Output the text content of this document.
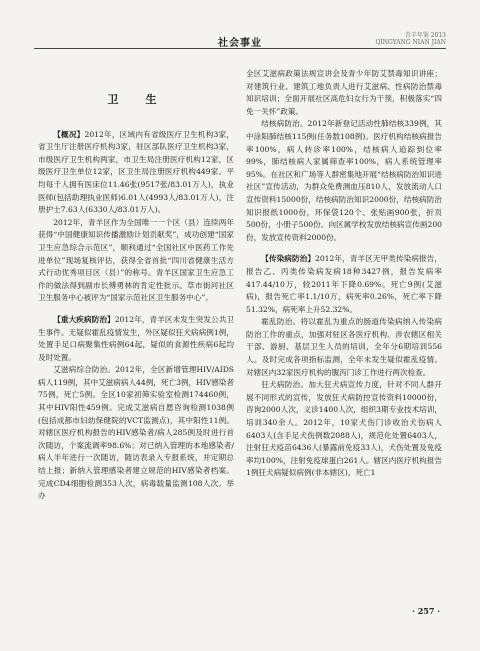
社会事业
青羊年鉴 2013
QINGYANG NIAN JIAN
卫　生

【概况】2012年，区域内有省级医疗卫生机构3家，省卫生厅注册医疗机构3家，驻区部队医疗卫生机构3家，市级医疗卫生机构两家，市卫生局注册医疗机构12家，区级医疗卫生单位12家，区卫生局注册医疗机构449家。平均每千人拥有医床位11.46张(9517张/83.01万人)，执业医师(包括助理执业医师)6.01人(4993人/83.01万人)，注册护士7.63人(6330人/83.01万人)。

2012年，青羊区作为全国唯一一个区（县）连续两年获得“中国健康知识传播激励计划贡献奖”，成功创建“国家卫生应急综合示范区”，顺利通过“全国社区中医药工作先进单位”现场复核评估，获得全省首批“四川省健康生活方式行动优秀项目区（县）”的称号。青羊区国家卫生应急工作的做法得到副市长傅勇林的肯定性批示。草市街河社区卫生服务中心被评为“国家示范社区卫生服务中心”。

【重大疾病防治】2012年，青羊区未发生突发公共卫生事件。无疑似霍乱疫情发生，外区疑似狂犬病病例1例，处置手足口病聚集性病例64起，疑似的食源性疾病6起均及时处置。

艾滋病综合防治。2012年，全区新增管理HIV/AIDS病人119例，其中艾滋病病人44例，死亡3例，HIV感染者75例，死亡5例。全区10家初筛实验室检测174460例，其中HIV阳性459例。完成艾滋病自愿咨询检测1038例(包括成都市妇幼保健院的VCT监测点)，其中阳性11例。对辖区医疗机构报告的HIV感染者/病人285例及时进行首次随访，个案流调率98.6%；对已纳入管理的本地感染者/病人半年进行一次随访，随访表录入专报系统，并定期总结上报；新纳入管理感染者建立规范的HIV感染者档案。完成CD4细胞检测353人次，病毒载量监测108人次。举办

全区艾滋病政策法规宣讲会及青少年防艾禁毒知识讲座；对建筑行业、建筑工地负责人进行艾滋病、性病防治禁毒知识培训；全面开展社区高危妇女行为干预，积极落实“四免一关怀”政策。

结核病防治。2012年新登记活动性肺结核339例，其中涂阳肺结核115例(任务数108例)。医疗机构结核病报告率100%，病人转诊率100%，结核病人追踪到位率99%，肺结核病人家属筛查率100%，病人系统管理率95%。在社区和广场等人群密集地开展“结核病防治知识进社区”宣传活动，为群众免费测血压810人，发放流动人口宣传资料15000份，结核病防治知识2000份，结核病防治知识报纸1000份，环保袋120个、张贴画900张，折页500份，小册子500份。向区属学校发放结核病宣传画200份，发放宣传资料2000份。

【传染病防治】2012年，青羊区无甲类传染病报告，报告乙、丙类传染病发病18种3427例，报告发病率417.44/10万，较2011年下降0.69%。死亡9例(艾滋病)，报告死亡率1.1/10万，病死率0.26%，死亡率下降51.32%，病死率上升52.32%。

霍乱防治。将以霍乱为重点的肠道传染病纳入传染病防治工作的重点，加强对驻区各医疗机构、涉农辖区相关干部、游厨、基层卫生人员的培训，全年分6期培训556人。及时完成各项指标监测，全年未发生疑似霍乱疫情。对辖区内32家医疗机构的腹泻门诊工作进行两次检查。

狂犬病防治。加大狂犬病宣传力度，针对不同人群开展不同形式的宣传，发放狂犬病防控宣传资料10000份，咨询2000人次，义诊1400人次，组织3期专业技术培训，培训340余人。2012年，10家犬伤门诊收治犬伤病人6403人(含手足犬伤例数2088人)，规范化处置6403人，注射狂犬疫苗6436人(暴露前免疫33人)，犬伤处置及免疫率均100%，注射免疫球蛋白261人。辖区内医疗机构报告1例狂犬病疑似病例(非本辖区)，死亡1

· 257 ·
